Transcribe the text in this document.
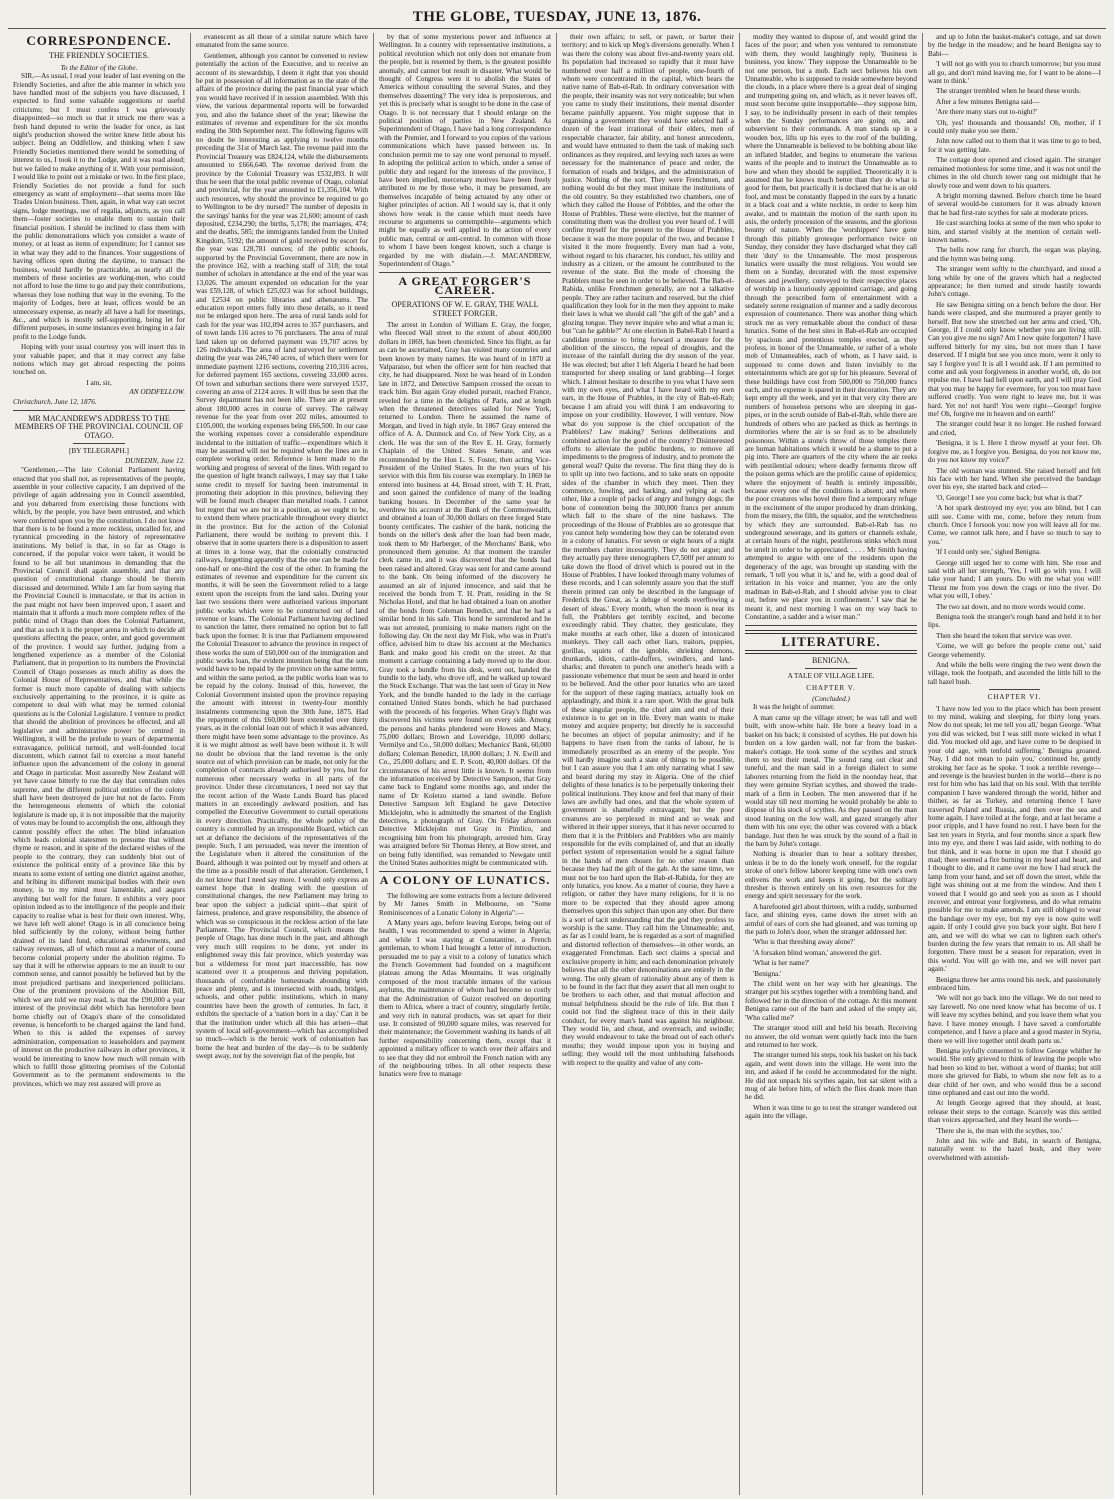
THE GLOBE, TUESDAY, JUNE 13, 1876.
CORRESPONDENCE.
THE FRIENDLY SOCIETIES.
To the Editor of the Globe.
SIR,—As usual, I read your leader of last evening on the Friendly Societies, and after the able manner in which you have handled most of the subjects you have discussed, I expected to find some valuable suggestions or useful criticisms; but I must confess I was grievously disappointed—so much so that it struck me there was a fresh hand deputed to write the leader for once, as last night's production showed the writer knew little about his subject. Being an Oddfellow, and thinking when I saw Friendly Societies mentioned there would be something of interest to us, I took it to the Lodge, and it was read aloud; but we failed to make anything of it. With your permission, I would like to point out a mistake or two. In the first place, Friendly Societies do not provide a fund for such emergency as want of employment—that seems more like Trades Union business. Then, again, in what way can secret signs, lodge meetings, use of regalia, adjuncts, as you call them—foster societies to enable them to sustain their financial position. I should be inclined to class them with the public demonstrations which you consider a waste of money, or at least as items of expenditure; for I cannot see in what way they add to the finances. Your suggestions of having offices open during the daytime, to transact the business, would hardly be practicable, as nearly all the members of these societies are working-men, who could not afford to lose the time to go and pay their contributions, whereas they lose nothing that way in the evening. To the majority of Lodges, here at least, offices would be an unnecessary expense, as nearly all have a hall for meetings, &c., and which is mostly self-supporting, being let for different purposes, in some instances even bringing in a fair profit to the Lodge funds.
Hoping with your usual courtesy you will insert this in your valuable paper, and that it may correct any false notions which may get abroad respecting the points touched on.
I am, sir,
AN ODDFELLOW.
Christchurch, June 12, 1876.
MR MACANDREW'S ADDRESS TO THE MEMBERS OF THE PROVINCIAL COUNCIL OF OTAGO.
[BY TELEGRAPH.]
DUNEDIN, June 12.
"Gentlemen,—The late Colonial Parliament having enacted that you shall not, as representatives of the people, assemble in your collective capacity, I am deprived of the privilege of again addressing you in Council assembled, and you debarred from exercising those functions with which, by the people, you have been entrusted, and which were conferred upon you by the constitution. I do not know that there is to be found a more reckless, uncalled for, and tyrannical proceeding in the history of representative institutions. My belief is that, in so far as Otago is concerned, if the popular voice were taken, it would be found to be all but unanimous in demanding that the Provincial Council shall again assemble, and that any question of constitutional change should be therein discussed and determined. While I am far from saying that the Provincial Council is immaculate, or that its action in the past might not have been improved upon, I assert and maintain that it affords a much more complete reflex of the public mind of Otago than does the Colonial Parliament, and that as such it is the proper arena in which to decide all questions affecting the peace, order, and good government of the province. I would say further, judging from a lengthened experience as a member of the Colonial Parliament, that in proportion to its numbers the Provincial Council of Otago possesses as much ability as does the Colonial House of Representatives, and that while the former is much more capable of dealing with subjects exclusively appertaining to the province, it is quite as competent to deal with what may be termed colonial questions as is the Colonial Legislature. I venture to predict that should the abolition of provinces be effected, and all legislative and administrative power be centred in Wellington, it will be the prelude to years of departmental extravagance, political turmoil, and well-founded local discontent, which cannot fail to exercise a most baneful influence upon the advancement of the colony in general and Otago in particular. Most assuredly New Zealand will yet have cause bitterly to rue the day that centralism rules supreme, and the different political entities of the colony shall have been destroyed de jure but not de facto. From the heterogeneous elements of which the colonial legislature is made up, it is not impossible that the majority of votes may be found to accomplish the one, although they cannot possibly effect the other. The blind infatuation which leads colonial statesmen to presume that without rhyme or reason, and in spite of the declared wishes of the people to the contrary, they can suddenly blot out of existence the political entity of a province like this by means to some extent of setting one district against another, and bribing its different municipal bodies with their own money, is to my mind most lamentable, and augurs anything but well for the future. It exhibits a very poor opinion indeed as to the intelligence of the people and their capacity to realise what is best for their own interest. Why, we have left well alone! Otago is in all conscience being bled sufficiently by the colony, without being further drained of its land fund, educational endowments, and railway revenues, all of which must as a matter of course become colonial property under the abolition régime. To say that it will be otherwise appears to me an insult to our common sense, and cannot possibly be believed but by the most prejudiced partisans and inexperienced politicians. One of the prominent provisions of the Abolition Bill, which we are told we may read, is that the £90,000 a year interest of the provincial debt which has heretofore been borne chiefly out of Otago's share of the consolidated revenue, is henceforth to be charged against the land fund. When to this is added the expenses of survey administration, compensation to leaseholders and payment of interest on the productive railways in other provinces, it would be interesting to know how much will remain with which to fulfil those glittering promises of the Colonial Government as to the permanent endowments to the provinces, which we may rest assured will prove as
evanescent as all those of a similar nature which have emanated from the same source.
Gentlemen, although you cannot be convened to review potentially the action of the Executive, and to receive an account of its stewardship, I deem it right that you should be put in possession of all information as to the state of the affairs of the province during the past financial year which you would have received if in session assembled. With this view, the various departmental reports will be forwarded you, and also the balance sheet of the year; likewise the estimates of revenue and expenditure for the six months ending the 30th September next. The following figures will no doubt be interesting as applying to twelve months preceding the 31st of March last. The revenue paid into the Provincial Treasury was £824,124, while the disbursements amounted to £666,640. The revenue derived from the province by the Colonial Treasury was £532,893. It will thus be seen that the total public revenue of Otago, colonial and provincial, for the year amounted to £1,356,104. With such resources, why should the province be required to go to Wellington to be dry nursed? The number of deposits in the savings' banks for the year was 21,600; amount of cash deposited, £234,290; the births, 5,178; the marriages, 474; and the deaths, 585; the immigrants landed from the United Kingdom, 5192; the amount of gold received by escort for the year was 128,781 ounces; of the public schools, supported by the Provincial Government, there are now in the province 162, with a teaching staff of 318; the total number of scholars in attendance at the end of the year was 13,026. The amount expended on education for the year was £59,128, of which £25,023 was for school buildings, and £2534 on public libraries and athenæums. The education report enters fully into these details, so it need not be enlarged upon here. The area of rural lands sold for cash for the year was 102,094 acres to 357 purchasers, and of town lands 116 acres to 76 purchasers. The area of rural land taken up on deferred payment was 19,707 acres by 126 individuals. The area of land surveyed for settlement during the year was 246,740 acres, of which there were for immediate payment 1216 sections, covering 210,316 acres, for deferred payment 165 sections, covering 33,000 acres. Of town and suburban sections there were surveyed 1537, covering an area of 2124 acres. It will thus be seen that the Survey department has not been idle. There are at present about 180,000 acres in course of survey. The railway revenue for the year from over 202 miles, amounted to £105,000, the working expenses being £66,500. In our case the working expenses cover a considerable expenditure incidental to the initiation of traffic—expenditure which it may be assumed will not be required when the lines are in complete working order. Reference is here made to the working and progress of several of the lines. With regard to the question of light branch railways, I may say that I take some credit to myself for having been instrumental in promoting their adoption in this province, believing they will be found much cheaper than metalled roads. I cannot but regret that we are not in a position, as we ought to be, to extend them where practicable throughout every district in the province. But for the action of the Colonial Parliament, there would be nothing to prevent this. I observe that in some quarters there is a disposition to assert at times in a loose way, that the colonially constructed railways, forgetting apparently that the one can be made for one-half or one-third the cost of the other. In framing the estimates of revenue and expenditure for the current six months, it will be seen the Government relied to a large extent upon the receipts from the land sales. During your last two sessions there were authorised various important public works which were to be constructed out of land revenue or loans. The Colonial Parliament having declined to sanction the latter, there remained no option but to fall back upon the former. It is true that Parliament empowered the Colonial Treasurer to advance the province in respect of these works the sum of £60,000 out of the immigration and public works loan, the evident intention being that the sum would have to be repaid by the province on the same terms, and within the same period, as the public works loan was to be repaid by the colony. Instead of this, however, the Colonial Government insisted upon the province repaying the amount with interest in twenty-four monthly instalments commencing upon the 30th June, 1875. Had the repayment of this £60,000 been extended over thirty years, as in the colonial loan out of which it was advanced, there might have been some advantage to the province. As it is we might almost as well have been without it. It will no doubt be obvious that the land revenue is the only source out of which provision can be made, not only for the completion of contracts already authorised by you, but for numerous other necessary works in all parts of the province. Under these circumstances, I need not say that the recent action of the Waste Lands Board has placed matters in an exceedingly awkward position, and has compelled the Executive Government to curtail operations in every direction. Practically, the whole policy of the country is controlled by an irresponsible Board, which can set at defiance the decisions of the representatives of the people. Such, I am persuaded, was never the intention of the Legislature when it altered the constitution of the Board, although it was pointed out by myself and others at the time as a possible result of that alteration. Gentlemen, I do not know that I need say more. I would only express an earnest hope that in dealing with the question of constitutional changes, the new Parliament may bring to bear upon the subject a judicial spirit—that spirit of fairness, prudence, and grave responsibility, the absence of which was so conspicuous in the reckless action of the late Parliament. The Provincial Council, which means the people of Otago, has done much in the past, and although very much still requires to be done, yet under its enlightened sway this fair province, which yesterday was but a wilderness for most part inaccessible, has now scattered over it a prosperous and thriving population, thousands of comfortable homesteads abounding with peace and plenty, and is intersected with roads, bridges, schools, and other public institutions, which in many countries have been the growth of centuries. In fact, it exhibits the spectacle of a 'nation born in a day.' Can it be that the institution under which all this has arisen—that system of local self-government—which has accomplished so much—which is the heroic work of colonisation has borne the heat and burden of the day—is to be suddenly swept away, not by the sovereign fiat of the people, but
by that of some mysterious power and influence at Wellington. In a country with representative institutions, a political revolution which not only does not emanate from the people, but is resented by them, is the greatest possible anomaly, and cannot but result in disaster. What would be thought of Congress were it to abolish the States of America without consulting the several States, and they themselves dissenting? The very idea is preposterous, and yet this is precisely what is sought to be done in the case of Otago. It is not necessary that I should enlarge on the political position of parties in New Zealand. As Superintendent of Otago, I have had a long correspondence with the Premier, and I forward to you copies of the various communications which have passed between us. In conclusion permit me to say one word personal to myself. In adopting the political action to which, under a sense of public duty and regard for the interests of the province, I have been impelled, mercenary motives have been freely attributed to me by those who, it may be presumed, are themselves incapable of being actuated by any other or higher principles of action. All I would say is, that it only shows how weak is the cause which must needs have recourse to arguments so contemptible—arguments which might be equally as well applied to the action of every public man, central or anti-central. In common with those to whom I have been longest known, such a charge is regarded by me with disdain.—J. MACANDREW, Superintendent of Otago."
A GREAT FORGER'S CAREER.
OPERATIONS OF W. E. GRAY, THE WALL STREET FORGER.
The arrest in London of William E. Gray, the forger, who fleeced Wall street to the extent of about 400,000 dollars in 1869, has been chronicled. Since his flight, as far as can be ascertained, Gray has visited many countries and been known by many names. He was heard of in 1870 at Valparaiso, but when the officer sent for him reached that city, he had disappeared. Next he was heard of in London late in 1872, and Detective Sampson crossed the ocean to track him. But again Gray eluded pursuit, reached France, reveled for a time in the delights of Paris, and at length when the threatened detectives sailed for New York, returned to London. There he assumed the name of Morgan, and lived in high style. In 1867 Gray entered the office of A. A. Dunnock and Co. of New York City, as a clerk. He was the son of the Rev E. H. Gray, formerly Chaplain of the United States Senate, and was recommended by the Hon L. S. Foster, then acting Vice-President of the United States. In the two years of his service with this firm his course was exemplary. In 1869 he entered into business at 44, Broad street, with T. H. Pratt, and soon gained the confidence of many of the leading banking houses. In December of the same year he overdrew his account at the Bank of the Commonwealth, and obtained a loan of 30,000 dollars on three forged State bounty certificates. The cashier of the bank, noticing the bonds on the teller's desk after the loan had been made, took them to Mr Harberger, of the Merchants' Bank, who pronounced them genuine. At that moment the transfer clerk came in, and it was discovered that the bonds had been raised and altered. Gray was sent for and came around to the bank. On being informed of the discovery he assumed an air of injured innocence, and said that he received the bonds from T. H. Pratt, residing in the St Nicholas Hotel, and that he had obtained a loan on another of the bonds from Coleman Benedict, and that he had a similar bond in his safe. This bond he surrendered and he was not arrested, promising to make matters right on the following day. On the next day Mr Fisk, who was in Pratt's office, advised him to draw his account at the Mechanics Bank and make good his credit on the street. At that moment a carriage containing a lady moved up to the door. Gray took a bundle from his desk, went out, handed the bundle to the lady, who drove off, and he walked up toward the Stock Exchange. That was the last seen of Gray in New York, and the bundle handed to the lady in the carriage contained United States bonds, which he had purchased with the proceeds of his forgeries. When Gray's flight was discovered his victims were found on every side. Among the persons and banks plundered were Howes and Macy, 75,000 dollars; Brown and Loveridge, 10,000 dollars; Vermilye and Co., 50,000 dollars; Mechanics' Bank, 60,000 dollars; Coleman Benedict, 18,000 dollars; J. N. Ewill and Co., 25,000 dollars; and E. P. Scott, 40,000 dollars. Of the circumstances of his arrest little is known. It seems from the information received by Detective Sampson, that Gray came back to England some months ago, and under the name of Dr Koletzo started a land swindle. Before Detective Sampson left England he gave Detective Micklejohn, who is admittedly the smartest of the English detectives, a photograph of Gray. On Friday afternoon Detective Micklejohn met Gray in Pimlico, and recognising him from his photograph, arrested him. Gray was arraigned before Sir Thomas Henry, at Bow street, and on being fully identified, was remanded to Newgate until the United States authorities might be communicated with.
A COLONY OF LUNATICS.
The following are some extracts from a lecture delivered by Mr James Smith in Melbourne, on "Some Reminiscences of a Lunatic Colony in Algeria":—
A Many years ago, before leaving Europe, being out of health, I was recommended to spend a winter in Algeria; and while I was staying at Constantine, a French gentleman, to whom I had brought a letter of introduction, persuaded me to pay a visit to a colony of lunatics which the French Government had founded on a magnificent plateau among the Atlas Mountains. It was originally composed of the most tractable inmates of the various asylums, the maintenance of whom had become so costly that the Administration of Guizot resolved on deporting them to Africa, where a tract of country, singularly fertile, and very rich in natural products, was set apart for their use. It consisted of 90,000 square miles, was reserved for their maintenance; the Government washing its hands of all further responsibility concerning them, except that it appointed a military officer to watch over their affairs and to see that they did not embroil the French nation with any of the neighbouring tribes. In all other respects these lunatics were free to manage
their own affairs; to sell, or pawn, or barter their territory; and to kick up Meg's diversions generally. When I was there the colony was about five-and-twenty years old. Its population had increased so rapidly that it must have numbered over half a million of people, one-fourth of whom were concentrated in the capital, which bears the native name of Bab-el-Rab. In ordinary conversation with the people, their insanity was not very noticeable; but when you came to study their institutions, their mental disorder became painfully apparent. You might suppose that in organising a government they would have selected half a dozen of the least irrational of their elders, men of respectable character, fair ability, and honest antecedents, and would have entrusted to them the task of making such ordinances as they required, and levying such taxes as were necessary for the maintenance of peace and order, the formation of roads and bridges, and the administration of justice. Nothing of the sort. They were Frenchmen, and nothing would do but they must imitate the institutions of the old country. So they established two chambers, one of which they called the House of Pribbles, and the other the House of Prabbles. These were elective, but the manner of constituting them was the drollest you ever heard of. I will confine myself for the present to the House of Prabbles, because it was the more popular of the two, and because I visited it the more frequently. Every man had a vote, without regard to his character, his conduct, his utility and industry as a citizen, or the amount he contributed to the revenue of the state. But the mode of choosing the Prabblers must be seen in order to be believed. The Bab-el-Rabida, unlike Frenchmen generally, are not a talkative people. They are rather taciturn and reserved, but the chief qualification they look for in the men they appoint to make their laws is what we should call "the gift of the gab" and a glozing tongue. They never inquire who and what a man is; but "can he gabble?" At one election in Babel-Rab I heard a candidate promise to bring forward a measure for the abolition of the sirocco, the repeal of droughts, and the increase of the rainfall during the dry season of the year. He was elected; but after I left Algeria I heard he had been transported for sheep stealing or land grabbing—I forget which. I almost hesitate to describe to you what I have seen with my own eyes, and what I have heard with my own ears, in the House of Prabbles, in the city of Bab-el-Rab; because I am afraid you will think I am endeavoring to impose on your credibility. However, I will venture. Now what do you suppose is the chief occupation of the Prabblers? Law making? Serious deliberations and combined action for the good of the country? Disinterested efforts to alleviate the public burdens, to remove all impediments to the progress of industry, and to promote the general weal? Quite the reverse. The first thing they do is to split up into two factions, and to take seats on opposite sides of the chamber in which they meet. Then they commence, howling, and barking, and yelping at each other, like a couple of packs of angry and hungry dogs; the bone of contention being the 300,000 francs per annum which fall to the share of the nine bashaws. The proceedings of the House of Prabbles are so grotesque that you cannot help wondering how they can be tolerated even in a colony of lunatics. For seven or eight hours of a night the members chatter incessantly. They do not argue; and they actually pay three stenographers £7,500f per annum to take down the flood of drivel which is poured out in the House of Prabbles. I have looked through many volumes of these records, and I can solemnly assure you that the stuff therein printed can only be described in the language of Frederick the Great, as 'a deluge of words overflowing a desert of ideas.' Every month, when the moon is near its full, the Prabblers get terribly excited, and become exceedingly rabid. They chatter, they gesticulate, they make mouths at each other, like a dozen of intoxicated monkeys. They call each other liars, traitors, puppies, gorillas, squirts of the ignoble, shrieking demons, drunkards, idiots, cattle-duffers, swindlers, and land-sharks; and threaten to punch one another's heads with a passionate vehemence that must be seen and heard in order to be believed. And the other poor lunatics who are taxed for the support of these raging maniacs, actually look on applaudingly, and think it a rare sport. With the great bulk of these singular people, the chief aim and end of their existence is to get on in life. Every man wants to make money and acquire property; but directly he is successful he becomes an object of popular animosity; and if he happens to have risen from the ranks of labour, he is immediately proscribed as an enemy of the people. You will hardly imagine such a state of things to be possible, but I can assure you that I am only narrating what I saw and heard during my stay in Algeria. One of the chief delights of these lunatics is to be perpetually tinkering their political institutions. They know and feel that many of their laws are awfully bad ones, and that the whole system of government is shamefully extravagant; but the poor creatures are so perplexed in mind and so weak and withered in their upper storeys, that it has never occurred to them that it is the Pribblers and Prabblers who are mainly responsible for the evils complained of, and that an ideally perfect system of representation would be a signal failure in the hands of men chosen for no other reason than because they had the gift of the gab. At the same time, we must not be too hard upon the Bab-el-Rabida, for they are only lunatics, you know. As a matter of course, they have a religion, or rather they have many religions, for it is no more to be expected that they should agree among themselves upon this subject than upon any other. But there is a sort of tacit understanding that the god they profess to worship is the same. They call him the Unnameable; and, as far as I could learn, he is regarded as a sort of magnified and distorted reflection of themselves—in other words, an exaggerated Frenchman. Each sect claims a special and exclusive property in him; and each denomination privately believes that all the other denominations are entirely in the wrong. The only gleam of rationality about any of them is to be found in the fact that they assert that all men ought to be brothers to each other, and that mutual affection and mutual helpfulness should be the rule of life. But then I could not find the slightest trace of this in their daily conduct, for every man's hand was against his neighbour. They would lie, and cheat, and overreach, and swindle; they would endeavour to take the bread out of each other's mouths; they would impose upon you in buying and selling; they would tell the most unblushing falsehoods with respect to the quality and value of any com-
modity they wanted to dispose of, and would grind the faces of the poor; and when you ventured to remonstrate with them, they would laughingly reply, 'Business is business, you know.' They suppose the Unnameable to be not one person, but a mob. Each sect believes his own Unnameable, who is supposed to reside somewhere beyond the clouds, in a place where there is a great deal of singing and trumpeting going on, and which, as it never leaves off, must soon become quite insupportable—they suppose him, I say, to be individually present in each of their temples when the Sunday performances are going on, and subservient to their commands. A man stands up in a wooden box, lifts up his eyes to the roof of the building, where the Unnameable is believed to be bobbing about like an inflated bladder, and begins to enumerate the various wants of the people and to instruct the Unnameable as to how and when they should be supplied. Theoretically it is assumed that he knows much better than they do what is good for them, but practically it is declared that he is an old fool, and must be constantly flapped in the ears by a lunatic in a black coat and a white necktie, in order to keep him awake, and to maintain the motion of the earth upon its axis, the orderly procession of the seasons, and the glorious bounty of nature. When the 'worshippers' have gone through this pitiably grotesque performance twice on Sunday, they consider they have discharged what they call their 'duty' to the Unnameable. The most prosperous lunatics were usually the most religious. You would see them on a Sunday, decorated with the most expensive dresses and jewellery, conveyed to their respective places of worship in a luxuriously appointed carriage, and going through the prescribed form of entertainment with a sedately serene resignation of manner and a sadly decorous expression of countenance. There was another thing which struck me as very remarkable about the conduct of these lunatics. Some of the best sites in Bab-el-Rab are occupied by spacious and pretentious temples erected, as they profess, in honor of the Unnameable, or rather of a whole mob of Unnameables, each of whom, as I have said, is supposed to come down and listen invisibly to the entertainments which are got up for his pleasure. Several of these buildings have cost from 500,000 to 750,000 francs each, and no expense is spared in their decoration. They are kept empty all the week, and yet in that very city there are numbers of houseless persons who are sleeping in gas-pipes, or in the scrub outside of Bab-el-Rab, while there are hundreds of others who are packed as thick as herrings in dormitories where the air is so foul as to be absolutely poisonous. Within a stone's throw of those temples there are human habitations which it would be a shame to put a pig into. There are quarters of the city where the air reeks with pestilential odours; where deadly ferments throw off the poison germs which are the prolific cause of epidemics; where the enjoyment of health is entirely impossible, because every one of the conditions is absent; and where the poor creatures who hovel there find a temporary refuge in the excitement of the stupor produced by dram drinking, from the misery, the filth, the squalor, and the wretchedness by which they are surrounded. Bab-el-Rab has no underground sewerage, and its gutters or channels exhale, at certain hours of the night, pestiferous stinks which must be smelt in order to be appreciated. . . . . Mr Smith having attempted to argue with one of the residents upon the degeneracy of the age, was brought up standing with the remark, 'I tell you what it is,' and he, with a good deal of irritation in his voice and manner, 'you are the only madman in Bab-el-Rab, and I should advise you to clear out, before we place you in confinement.' I saw that he meant it, and next morning I was on my way back to Constantine, a sadder and a wiser man."
LITERATURE.
BENIGNA.
A TALE OF VILLAGE LIFE.
CHAPTER V.
(Concluded.)
It was the height of summer.
A man came up the village street; he was tall and well built, with snow-white hair. He bore a heavy load in a basket on his back; it consisted of scythes. He put down his burden on a low garden wall, not far from the basket-maker's cottage. He took some of the scythes and struck them to test their metal. The sound rang out clear and tuneful, and the man said in a foreign dialect to some laborers returning from the field in the noonday heat, that they were genuine Styrian scythes, and showed the trade-mark of a firm in Leoben. The men answered that if he would stay till next morning he would probably be able to dispose of his stock of scythes. As they passed on the man stood leaning on the low wall, and gazed strangely after them with his one eye; the other was covered with a black bandage. Just then he was struck by the sound of a flail in the barn by John's cottage.
Nothing is drearier than to hear a solitary thresher, unless it be to do the lonely work oneself, for the regular stroke of one's fellow laborer keeping time with one's own enlivens the work and keeps it going, but the solitary thresher is thrown entirely on his own resources for the energy and spirit necessary for the work.
A barefooted girl about thirteen, with a ruddy, sunburned face, and shining eyes, came down the street with an armful of ears of corn she had gleaned, and was turning up the path to John's door, when the stranger addressed her.
'Who is that threshing away alone?'
'A forsaken blind woman,' answered the girl.
'What is her name?'
'Benigna.'
The child went on her way with her gleanings. The stranger put his scythes together with a trembling hand, and followed her in the direction of the cottage. At this moment Benigna came out of the barn and asked of the empty air, 'Who called me?'
The stranger stood still and held his breath. Receiving no answer, the old woman went quietly back into the barn and returned to her work.
The stranger turned his steps, took his basket on his back again, and went down into the village. He went into the inn, and asked if he could be accommodated for the night. He did not unpack his scythes again, but sat silent with a mug of ale before him, of which the flies drank more than he did.
When it was time to go to rest the stranger wandered out again into the village,
and up to John the basket-maker's cottage, and sat down by the hedge in the meadow; and he heard Benigna say to Babi—
'I will not go with you to church tomorrow; but you must all go, and don't mind leaving me, for I want to be alone—I want to think.'
The stranger trembled when he heard these words.
After a few minutes Benigna said—
'Are there many stars out to-night?'
'Oh, yes! thousands and thousands! Oh, mother, if I could only make you see them.'
John now called out to them that it was time to go to bed, for it was getting late.
The cottage door opened and closed again. The stranger remained motionless for some time, and it was not until the chimes in the old church tower rang out midnight that he slowly rose and went down to his quarters.
A bright morning dawned. Before church time he heard of several would-be customers for it was already known that he had first-rate scythes for sale at moderate prices.
He cast searching looks at some of the men who spoke to him, and started visibly at the mention of certain well-known names.
The bells now rang for church, the organ was playing, and the hymn was being sung.
The stranger went softly to the churchyard, and stood a long while by one of the graves which had a neglected appearance; he then turned and strode hastily towards John's cottage.
He saw Benigna sitting on a bench before the door. Her hands were clasped, and she murmured a prayer gently to herself. But now she stretched out her arms and cried, 'Oh, George, if I could only know whether you are living still. Can you give me no sign? Am I now quite forgotten? I have suffered bitterly for my sins, but not more than I have deserved. If I might but see you once more, were it only to say I forgive you! It is all I would ask. If I am permitted to come and ask your forgiveness in another world, oh, do not repulse me. I have had hell upon earth, and I will pray God that you may be happy for evermore, for you too must have suffered cruelly. You were right to leave me, but it was hard. Yet no! not hard! You were right—George! forgive me! Oh, forgive me in heaven and on earth!'
The stranger could bear it no longer. He rushed forward and cried,
'Benigna, it is I. Here I throw myself at your feet. Oh forgive me, as I forgive you. Benigna, do you not know me, do you not know my voice?'
The old woman was stunned. She raised herself and felt his face with her hand. When she perceived the bandage over his eye, she started back and cried—
'O, George! I see you come back; but what is that?'
'A hot spark destroyed my eye; you are blind, but I can still see. Come with me, come, before they return from church. Once I forsook you: now you will leave all for me. Come, we cannot talk here, and I have so much to say to you.'
'If I could only see,' sighed Benigna.
George still urged her to come with him. She rose and said with all her strength, 'Yes, I will go with you. I will take your hand; I am yours. Do with me what you will! Thrust me from you down the crags or into the river. Do what you will, I obey.'
The two sat down, and no more words would come.
Benigna took the stranger's rough hand and held it to her lips.
Then she heard the token that service was over.
'Come, we will go before the people come out,' said George vehemently.
And while the bells were ringing the two went down the village, took the footpath, and ascended the little hill to the tall hazel bush.
CHAPTER VI.
'I have now led you to the place which has been present to my mind, waking and sleeping, for thirty long years. Now do not speak; let me tell you all,' began George. 'What you did was wicked, but I was still more wicked in what I did. You mocked old age, and have come to be despised in your old age, with tenfold suffering.' Benigna groaned. 'Nay, I did not mean to pain you,' continued he, gently stroking her face as he spoke. 'I took a terrible revenge—and revenge is the heaviest burden in the world—there is no rest for him who has laid that on his soul. With that terrible companion I have wandered through the world, hither and thither, as far as Turkey, and returning thence I have traversed Poland and Russia, and then over the sea and home again. I have toiled at the forge, and at last became a poor cripple, and I have found no rest. I have been for the last ten years in Styria, and four months since a spark flew into my eye, and there I was laid aside, with nothing to do but think, and it was borne in upon me that I should go mad; there seemed a fire burning in my head and heart, and I thought to die, and it came over me how I had struck the lamp from your hand, and set off down the street, while the light was shining out at me from the window. And then I vowed that I would go and seek you as soon as I should recover, and entreat your forgiveness, and do what remains possible for me to make amends. I am still obliged to wear the bandage over my eye, but my eye is now quite well again. If only I could give you back your sight. But here I am, and we will do what we can to lighten each other's burden during the few years that remain to us. All shall be forgotten. There must be a season for reparation, even in this world. You will go with me, and we will never part again.'
Benigna threw her arms round his neck, and passionately embraced him.
'We will not go back into the village. We do not need to say farewell. No one need know what has become of us. I will leave my scythes behind, and you leave them what you have. I have money enough. I have saved a comfortable competence, and I have a place and a good master in Styria, there we will live together until death parts us.'
Benigna joyfully consented to follow George whither he would. She only grieved to think of leaving the people who had been so kind to her, without a word of thanks; but still more she grieved for Babi, to whom she now felt as to a dear child of her own, and who would thus be a second time orphaned and cast out into the world.
At length George agreed that they should, at least, release their steps to the cottage. Scarcely was this settled than voices approached, and they heard the words—
'There she is, the man with the scythes, too.'
John and his wife and Babi, in search of Benigna, naturally went to the hazel bush, and they were overwhelmed with astonish-
